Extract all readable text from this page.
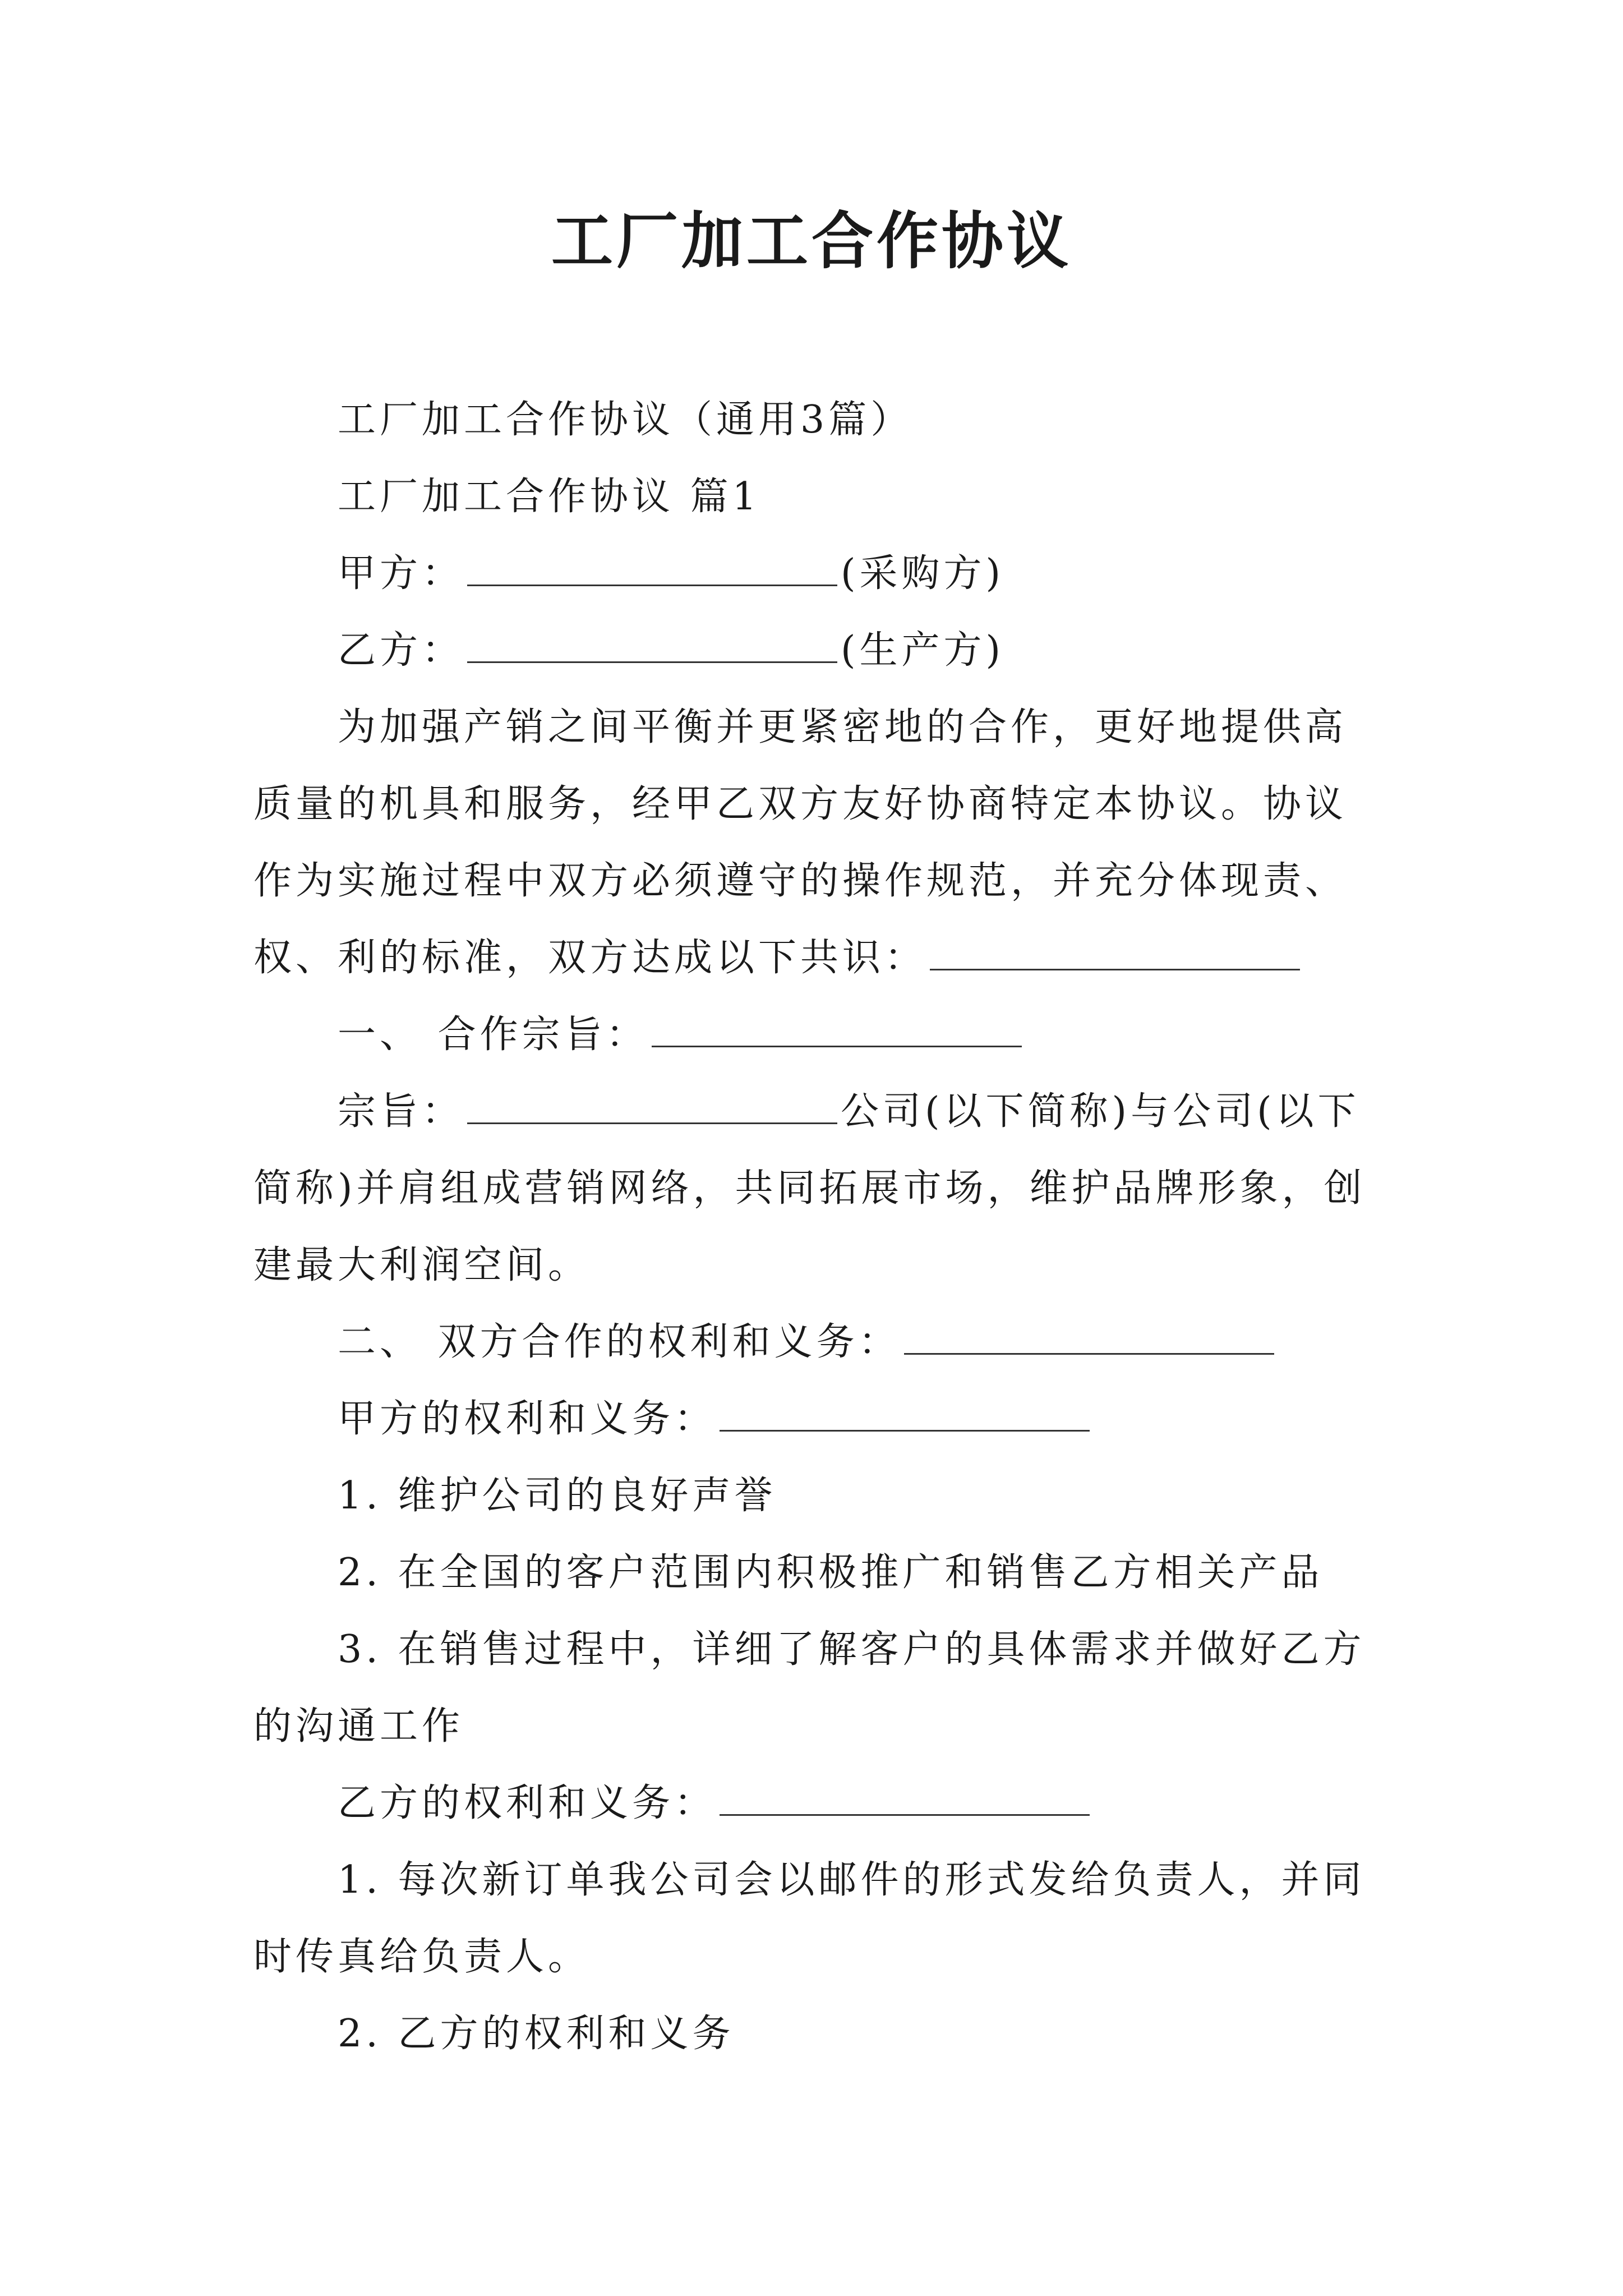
工厂加工合作协议

工厂加工合作协议（通用3篇）

工厂加工合作协议 篇1

甲方：	(采购方)

乙方：	(生产方)

为加强产销之间平衡并更紧密地的合作，更好地提供高质量的机具和服务，经甲乙双方友好协商特定本协议。协议作为实施过程中双方必须遵守的操作规范，并充分体现责、权、利的标准，双方达成以下共识：

一、 合作宗旨：

宗旨：	公司(以下简称)与公司(以下简称)并肩组成营销网络，共同拓展市场，维护品牌形象，创建最大利润空间。

二、 双方合作的权利和义务：

甲方的权利和义务：

1. 维护公司的良好声誉

2. 在全国的客户范围内积极推广和销售乙方相关产品

3. 在销售过程中，详细了解客户的具体需求并做好乙方的沟通工作

乙方的权利和义务：

1. 每次新订单我公司会以邮件的形式发给负责人，并同时传真给负责人。

2. 乙方的权利和义务
